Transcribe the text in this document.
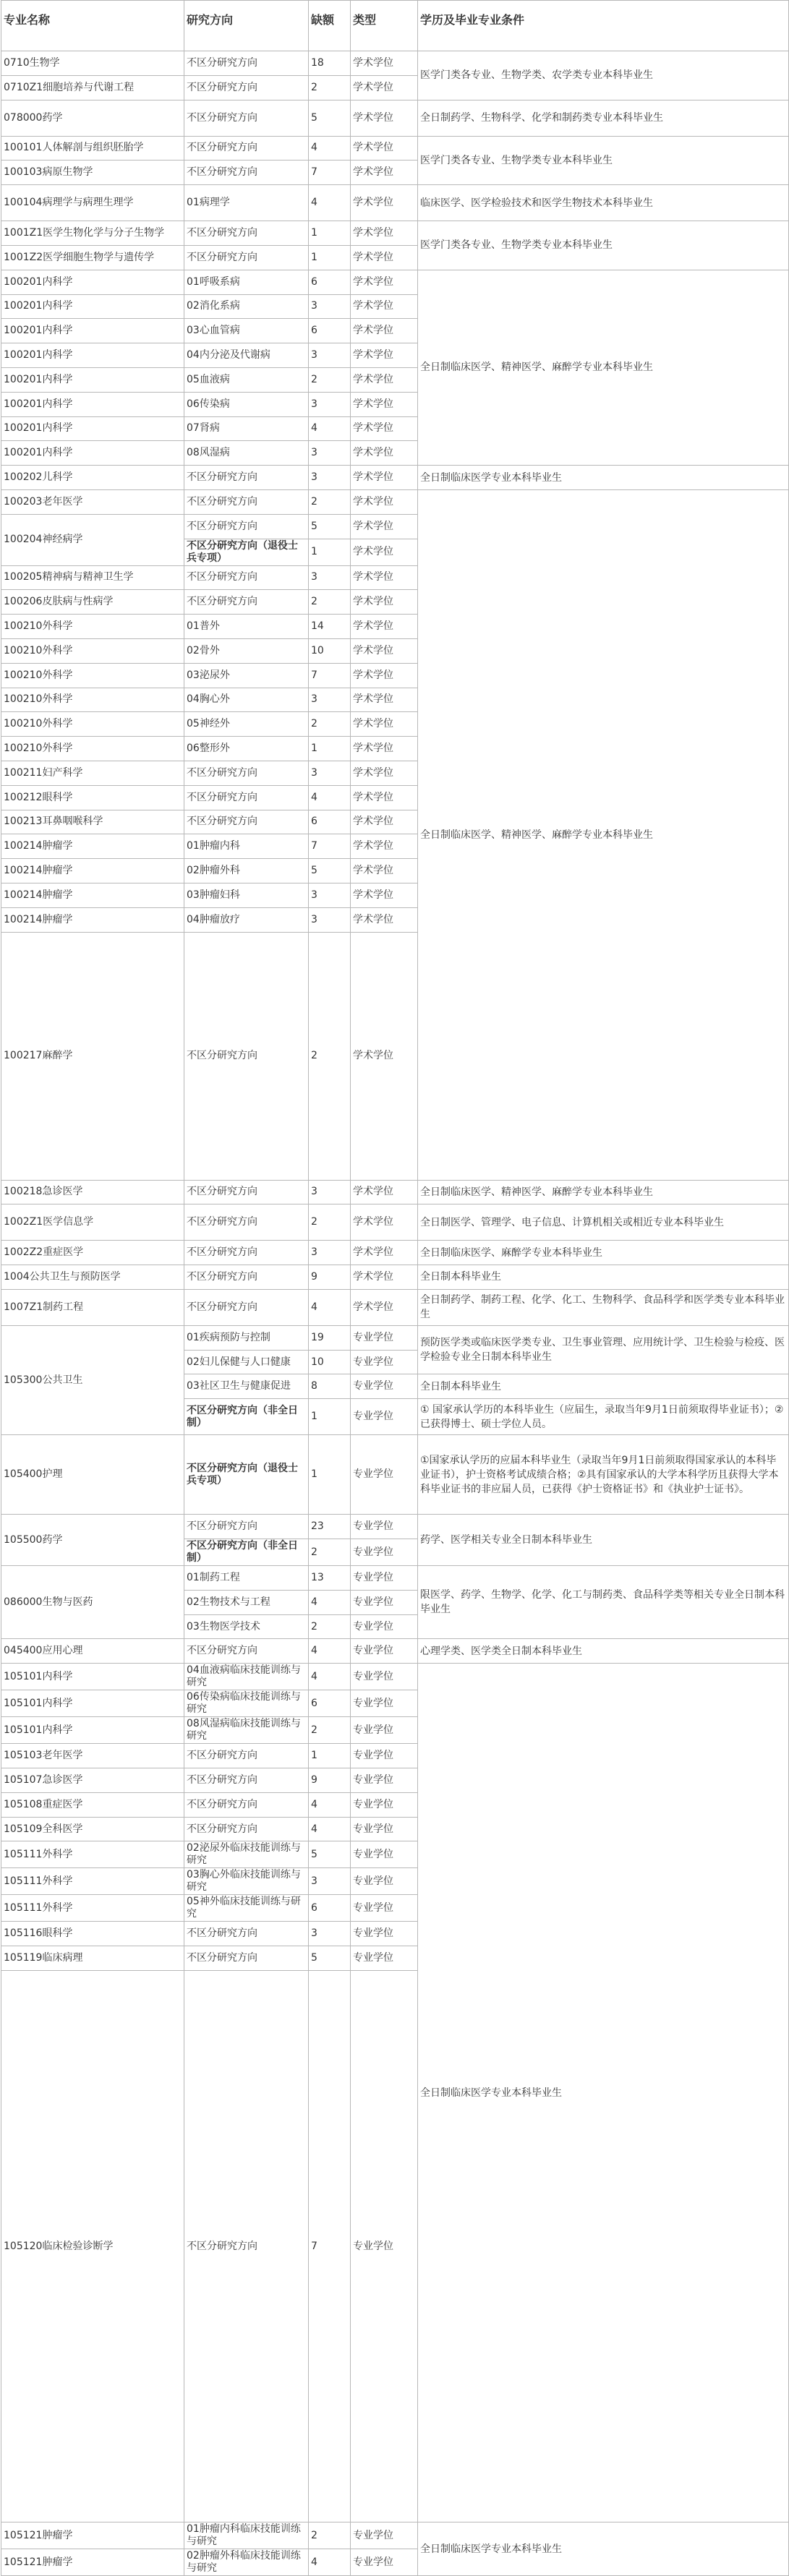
专业名称	研究方向	缺额	类型	学历及毕业专业条件	
0710生物学	不区分研究方向	18	学术学位	医学门类各专业、生物学类、农学类专业本科毕业生	
0710Z1细胞培养与代谢工程	不区分研究方向	2	学术学位		
078000药学	不区分研究方向	5	学术学位	全日制药学、生物科学、化学和制药类专业本科毕业生	
100101人体解剖与组织胚胎学	不区分研究方向	4	学术学位	医学门类各专业、生物学类专业本科毕业生	
100103病原生物学	不区分研究方向	7	学术学位		
100104病理学与病理生理学	01病理学	4	学术学位	临床医学、医学检验技术和医学生物技术本科毕业生	
1001Z1医学生物化学与分子生物学	不区分研究方向	1	学术学位	医学门类各专业、生物学类专业本科毕业生	
1001Z2医学细胞生物学与遗传学	不区分研究方向	1	学术学位		
100201内科学	01呼吸系病	6	学术学位	全日制临床医学、精神医学、麻醉学专业本科毕业生	
100201内科学	02消化系病	3	学术学位		
100201内科学	03心血管病	6	学术学位		
100201内科学	04内分泌及代谢病	3	学术学位		
100201内科学	05血液病	2	学术学位		
100201内科学	06传染病	3	学术学位		
100201内科学	07肾病	4	学术学位		
100201内科学	08风湿病	3	学术学位		
100202儿科学	不区分研究方向	3	学术学位	全日制临床医学专业本科毕业生	
100203老年医学	不区分研究方向	2	学术学位	全日制临床医学、精神医学、麻醉学专业本科毕业生	
100204神经病学	不区分研究方向	5	学术学位		
	不区分研究方向（退役士兵专项）	1	学术学位		
100205精神病与精神卫生学	不区分研究方向	3	学术学位		
100206皮肤病与性病学	不区分研究方向	2	学术学位		
100210外科学	01普外	14	学术学位		
100210外科学	02骨外	10	学术学位		
100210外科学	03泌尿外	7	学术学位		
100210外科学	04胸心外	3	学术学位		
100210外科学	05神经外	2	学术学位		
100210外科学	06整形外	1	学术学位		
100211妇产科学	不区分研究方向	3	学术学位		
100212眼科学	不区分研究方向	4	学术学位		
100213耳鼻咽喉科学	不区分研究方向	6	学术学位		
100214肿瘤学	01肿瘤内科	7	学术学位		
100214肿瘤学	02肿瘤外科	5	学术学位		
100214肿瘤学	03肿瘤妇科	3	学术学位		
100214肿瘤学	04肿瘤放疗	3	学术学位		
100217麻醉学	不区分研究方向	2	学术学位	
100218急诊医学	不区分研究方向	3	学术学位	全日制临床医学、精神医学、麻醉学专业本科毕业生	
1002Z1医学信息学	不区分研究方向	2	学术学位	全日制医学、管理学、电子信息、计算机相关或相近专业本科毕业生	
1002Z2重症医学	不区分研究方向	3	学术学位	全日制临床医学、麻醉学专业本科毕业生	
1004公共卫生与预防医学	不区分研究方向	9	学术学位	全日制本科毕业生	
1007Z1制药工程	不区分研究方向	4	学术学位	全日制药学、制药工程、化学、化工、生物科学、食品科学和医学类专业本科毕业生	
105300公共卫生	01疾病预防与控制	19	专业学位	预防医学类或临床医学类专业、卫生事业管理、应用统计学、卫生检验与检疫、医学检验专业全日制本科毕业生	
	02妇儿保健与人口健康	10	专业学位		
	03社区卫生与健康促进	8	专业学位	全日制本科毕业生	
	不区分研究方向（非全日制）	1	专业学位	① 国家承认学历的本科毕业生（应届生，录取当年9月1日前须取得毕业证书）；②已获得博士、硕士学位人员。	
105400护理	不区分研究方向（退役士兵专项）	1	专业学位	①国家承认学历的应届本科毕业生（录取当年9月1日前须取得国家承认的本科毕业证书），护士资格考试成绩合格；②具有国家承认的大学本科学历且获得大学本科毕业证书的非应届人员，已获得《护士资格证书》和《执业护士证书》。	
105500药学	不区分研究方向	23	专业学位	药学、医学相关专业全日制本科毕业生	
	不区分研究方向（非全日制）	2	专业学位		
086000生物与医药	01制药工程	13	专业学位	限医学、药学、生物学、化学、化工与制药类、食品科学类等相关专业全日制本科毕业生	
	02生物技术与工程	4	专业学位		
	03生物医学技术	2	专业学位		
045400应用心理	不区分研究方向	4	专业学位	心理学类、医学类全日制本科毕业生	
105101内科学	04血液病临床技能训练与研究	4	专业学位	全日制临床医学专业本科毕业生	
105101内科学	06传染病临床技能训练与研究	6	专业学位		
105101内科学	08风湿病临床技能训练与研究	2	专业学位		
105103老年医学	不区分研究方向	1	专业学位		
105107急诊医学	不区分研究方向	9	专业学位		
105108重症医学	不区分研究方向	4	专业学位		
105109全科医学	不区分研究方向	4	专业学位		
105111外科学	02泌尿外临床技能训练与研究	5	专业学位		
105111外科学	03胸心外临床技能训练与研究	3	专业学位		
105111外科学	05神外临床技能训练与研究	6	专业学位		
105116眼科学	不区分研究方向	3	专业学位		
105119临床病理	不区分研究方向	5	专业学位		
105120临床检验诊断学	不区分研究方向	7	专业学位	
105121肿瘤学	01肿瘤内科临床技能训练与研究	2	专业学位	全日制临床医学专业本科毕业生	
105121肿瘤学	02肿瘤外科临床技能训练与研究	4	专业学位		
